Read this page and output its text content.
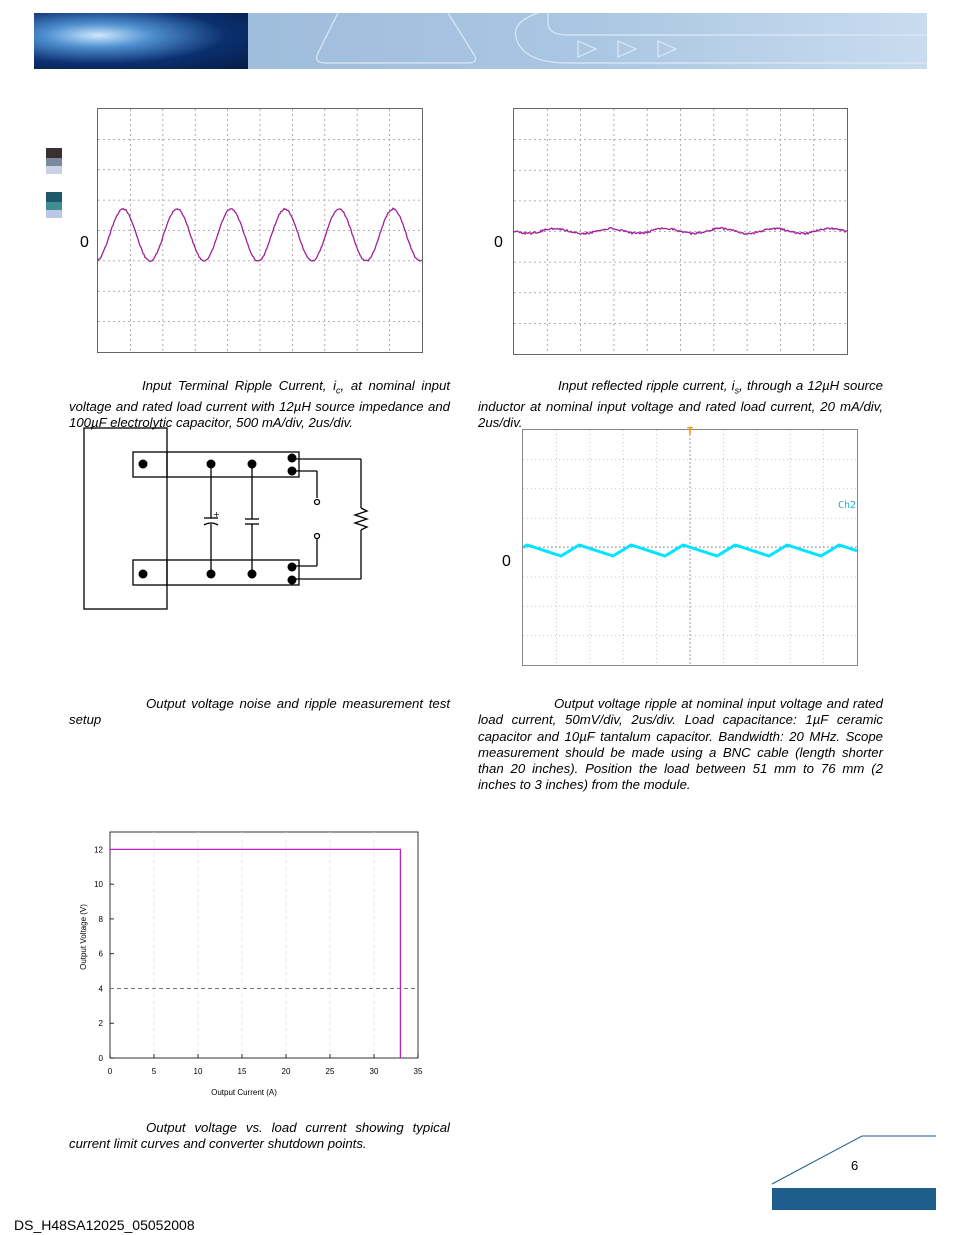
0	0
Input Terminal Ripple Current, $i_c$, at nominal input voltage and rated load current with 12µH source impedance and 100µF electrolytic capacitor, 500 mA/div, 2us/div.
Input reflected ripple current, $i_s$, through a 12µH source inductor at nominal input voltage and rated load current, 20 mA/div, 2us/div.
+
0
T
Ch2
Output voltage noise and ripple measurement test setup
Output voltage ripple at nominal input voltage and rated load current, 50mV/div, 2us/div. Load capacitance: 1µF ceramic capacitor and 10µF tantalum capacitor. Bandwidth: 20 MHz. Scope measurement should be made using a BNC cable (length shorter than 20 inches). Position the load between 51 mm to 76 mm (2 inches to 3 inches) from the module.
0	5	10	15	20	25	30	35
0
2
4
6
8
10
12
Output Current (A)
Output Voltage (V)
Output voltage vs. load current showing typical current limit curves and converter shutdown points.
6
DS_H48SA12025_05052008
